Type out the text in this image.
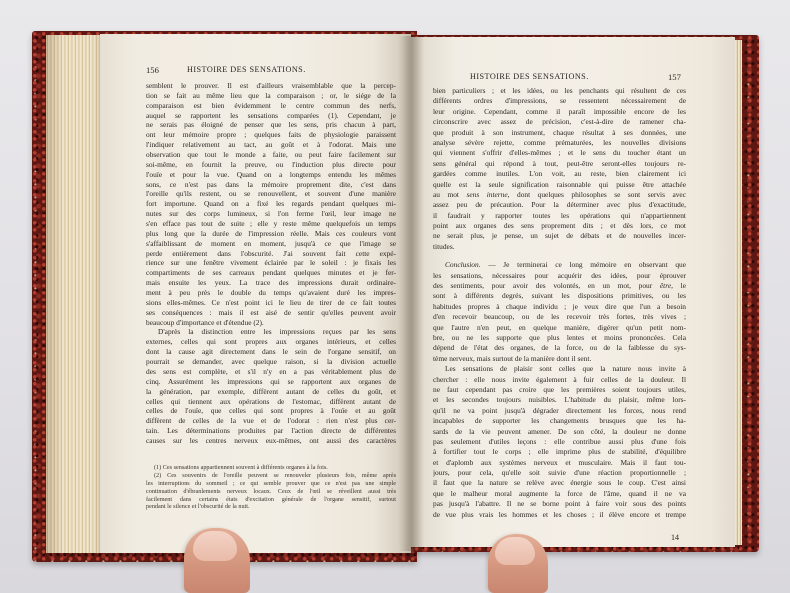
156	HISTOIRE DES SENSATIONS.
HISTOIRE DES SENSATIONS.	157
semblent le prouver. Il est d'ailleurs vraisemblable que la percep-
tion se fait au même lieu que la comparaison ; or, le siége de la
comparaison est bien évidemment le centre commun des nerfs,
auquel se rapportent les sensations comparées (1). Cependant, je
ne serais pas éloigné de penser que les sens, pris chacun à part,
ont leur mémoire propre ; quelques faits de physiologie paraissent
l'indiquer relativement au tact, au goût et à l'odorat. Mais une
observation que tout le monde a faite, ou peut faire facilement sur
soi-même, en fournit la preuve, ou l'induction plus directe pour
l'ouïe et pour la vue. Quand on a longtemps entendu les mêmes
sons, ce n'est pas dans la mémoire proprement dite, c'est dans
l'oreille qu'ils restent, ou se renouvellent, et souvent d'une manière
fort importune. Quand on a fixé les regards pendant quelques mi-
nutes sur des corps lumineux, si l'on ferme l'œil, leur image ne
s'en efface pas tout de suite ; elle y reste même quelquefois un temps
plus long que la durée de l'impression réelle. Mais ces couleurs vont
s'affaiblissant de moment en moment, jusqu'à ce que l'image se
perde entièrement dans l'obscurité. J'ai souvent fait cette expé-
rience sur une fenêtre vivement éclairée par le soleil : je fixais les
compartiments de ses carreaux pendant quelques minutes et je fer-
mais ensuite les yeux. La trace des impressions durait ordinaire-
ment à peu près le double du temps qu'avaient duré les impres-
sions elles-mêmes. Ce n'est point ici le lieu de tirer de ce fait toutes
ses conséquences : mais il est aisé de sentir qu'elles peuvent avoir
beaucoup d'importance et d'étendue (2).
D'après la distinction entre les impressions reçues par les sens
externes, celles qui sont propres aux organes intérieurs, et celles
dont la cause agit directement dans le sein de l'organe sensitif, on
pourrait se demander, avec quelque raison, si la division actuelle
des sens est complète, et s'il n'y en a pas véritablement plus de
cinq. Assurément les impressions qui se rapportent aux organes de
la génération, par exemple, diffèrent autant de celles du goût, et
celles qui tiennent aux opérations de l'estomac, diffèrent autant de
celles de l'ouïe, que celles qui sont propres à l'ouïe et au goût
diffèrent de celles de la vue et de l'odorat : rien n'est plus cer-
tain. Les déterminations produites par l'action directe de différentes
causes sur les centres nerveux eux-mêmes, ont aussi des caractères
(1) Ces sensations appartiennent souvent à différents organes à la fois.
(2) Ces souvenirs de l'oreille peuvent se renouveler plusieurs fois, même après
les interruptions du sommeil ; ce qui semble prouver que ce n'est pas une simple
continuation d'ébranlements nerveux locaux. Ceux de l'œil se réveillent aussi très
facilement dans certains états d'excitation générale de l'organe sensitif, surtout
pendant le silence et l'obscurité de la nuit.
bien particuliers ; et les idées, ou les penchants qui résultent de ces
différents ordres d'impressions, se ressentent nécessairement de
leur origine. Cependant, comme il paraît impossible encore de les
circonscrire avec assez de précision, c'est-à-dire de ramener cha-
que produit à son instrument, chaque résultat à ses données, une
analyse sévère rejette, comme prématurées, les nouvelles divisions
qui viennent s'offrir d'elles-mêmes ; et le sens du toucher étant un
sens général qui répond à tout, peut-être seront-elles toujours re-
gardées comme inutiles. L'on voit, au reste, bien clairement ici
quelle est la seule signification raisonnable qui puisse être attachée
au mot sens interne, dont quelques philosophes se sont servis avec
assez peu de précaution. Pour la déterminer avec plus d'exactitude,
il faudrait y rapporter toutes les opérations qui n'appartiennent
point aux organes des sens proprement dits ; et dès lors, ce mot
ne serait plus, je pense, un sujet de débats et de nouvelles incer-
titudes.
Conclusion. — Je terminerai ce long mémoire en observant que
les sensations, nécessaires pour acquérir des idées, pour éprouver
des sentiments, pour avoir des volontés, en un mot, pour être, le
sont à différents degrés, suivant les dispositions primitives, ou les
habitudes propres à chaque individu ; je veux dire que l'un a besoin
d'en recevoir beaucoup, ou de les recevoir très fortes, très vives ;
que l'autre n'en peut, en quelque manière, digérer qu'un petit nom-
bre, ou ne les supporte que plus lentes et moins prononcées. Cela
dépend de l'état des organes, de la force, ou de la faiblesse du sys-
tème nerveux, mais surtout de la manière dont il sent.
Les sensations de plaisir sont celles que la nature nous invite à
chercher : elle nous invite également à fuir celles de la douleur. Il
ne faut cependant pas croire que les premières soient toujours utiles,
et les secondes toujours nuisibles. L'habitude du plaisir, même lors-
qu'il ne va point jusqu'à dégrader directement les forces, nous rend
incapables de supporter les changements brusques que les ha-
sards de la vie peuvent amener. De son côté, la douleur ne donne
pas seulement d'utiles leçons : elle contribue aussi plus d'une fois
à fortifier tout le corps ; elle imprime plus de stabilité, d'équilibre
et d'aplomb aux systèmes nerveux et musculaire. Mais il faut tou-
jours, pour cela, qu'elle soit suivie d'une réaction proportionnelle ;
il faut que la nature se relève avec énergie sous le coup. C'est ainsi
que le malheur moral augmente la force de l'âme, quand il ne va
pas jusqu'à l'abattre. Il ne se borne point à faire voir sous des points
de vue plus vrais les hommes et les choses ; il élève encore et trempe
14
